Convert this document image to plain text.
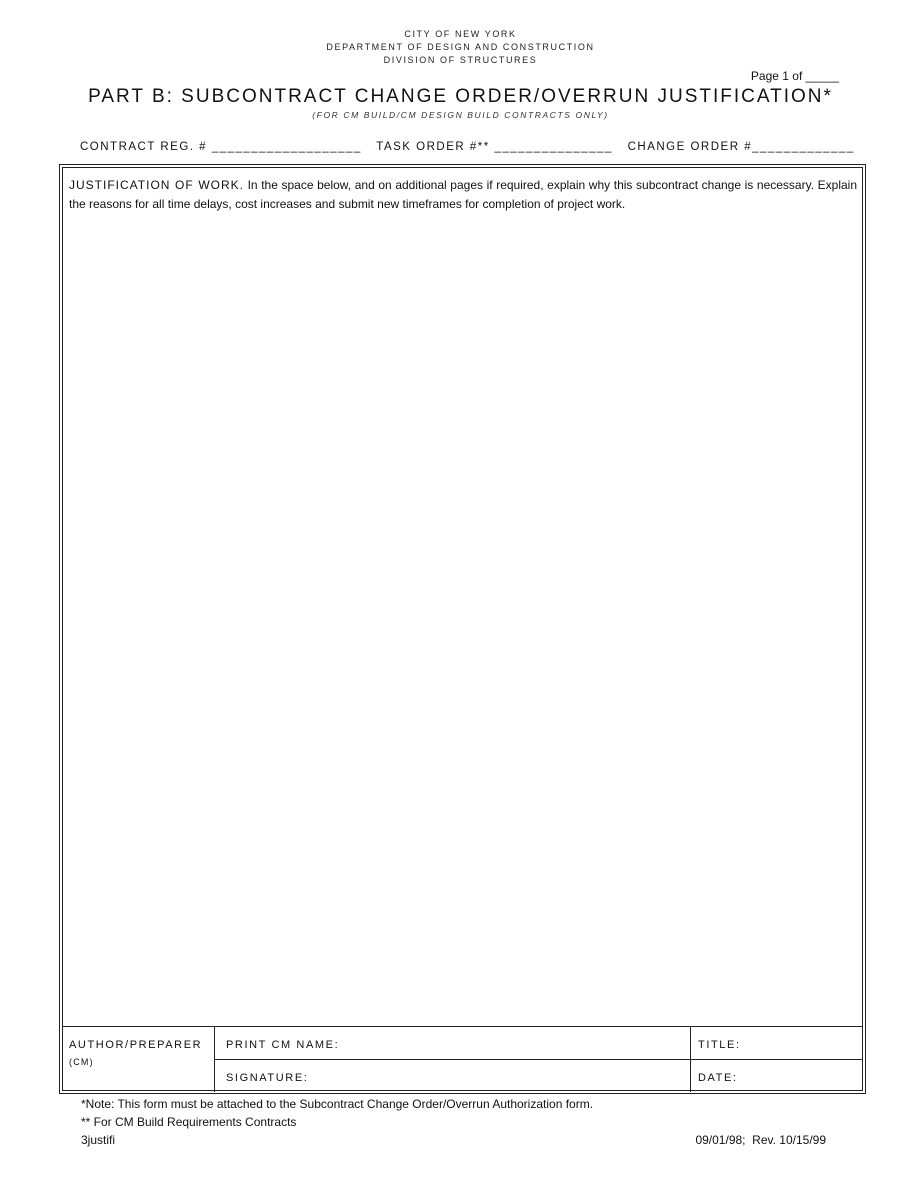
CITY OF NEW YORK
DEPARTMENT OF DESIGN AND CONSTRUCTION
DIVISION OF STRUCTURES
Page 1 of _____
PART B: SUBCONTRACT CHANGE ORDER/OVERRUN JUSTIFICATION*
(FOR CM BUILD/CM DESIGN BUILD CONTRACTS ONLY)
CONTRACT REG. # ___________________ TASK ORDER #** _______________ CHANGE ORDER #_____________
JUSTIFICATION OF WORK. In the space below, and on additional pages if required, explain why this subcontract change is necessary. Explain the reasons for all time delays, cost increases and submit new timeframes for completion of project work.
AUTHOR/PREPARER
(CM)
PRINT CM NAME:	TITLE:
SIGNATURE:	DATE:
*Note: This form must be attached to the Subcontract Change Order/Overrun Authorization form.
** For CM Build Requirements Contracts
3justifi	09/01/98;  Rev. 10/15/99
